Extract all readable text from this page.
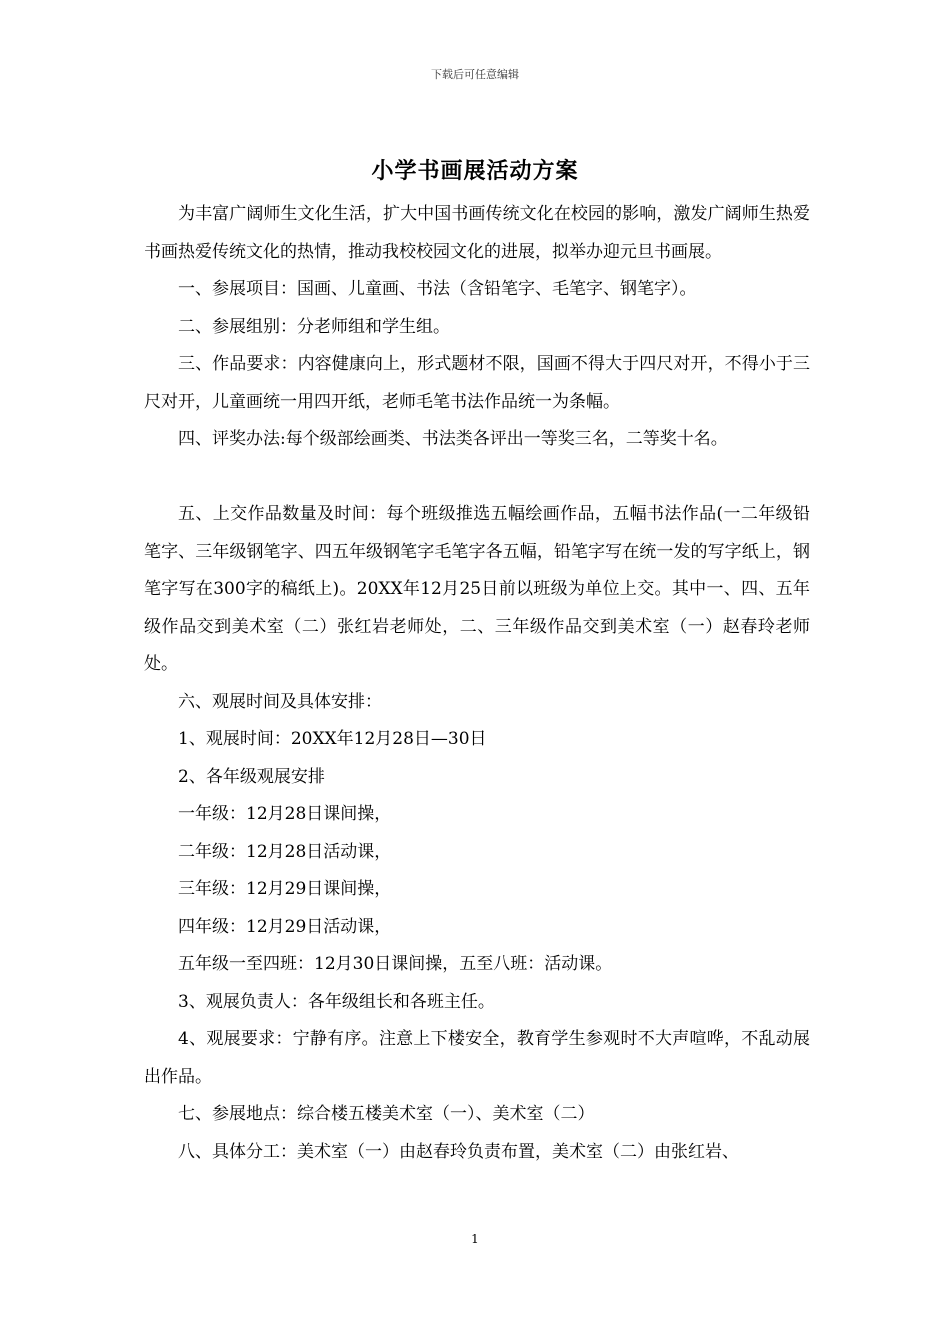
下载后可任意编辑
小学书画展活动方案

为丰富广阔师生文化生活，扩大中国书画传统文化在校园的影响，激发广阔师生热爱书画热爱传统文化的热情，推动我校校园文化的进展，拟举办迎元旦书画展。

一、参展项目：国画、儿童画、书法（含铅笔字、毛笔字、钢笔字）。

二、参展组别：分老师组和学生组。

三、作品要求：内容健康向上，形式题材不限，国画不得大于四尺对开，不得小于三尺对开，儿童画统一用四开纸，老师毛笔书法作品统一为条幅。

四、评奖办法:每个级部绘画类、书法类各评出一等奖三名，二等奖十名。

五、上交作品数量及时间：每个班级推选五幅绘画作品，五幅书法作品(一二年级铅笔字、三年级钢笔字、四五年级钢笔字毛笔字各五幅，铅笔字写在统一发的写字纸上，钢笔字写在300字的稿纸上)。20XX年12月25日前以班级为单位上交。其中一、四、五年级作品交到美术室（二）张红岩老师处，二、三年级作品交到美术室（一）赵春玲老师处。

六、观展时间及具体安排：

1、观展时间：20XX年12月28日—30日

2、各年级观展安排

一年级：12月28日课间操，

二年级：12月28日活动课，

三年级：12月29日课间操，

四年级：12月29日活动课，

五年级一至四班：12月30日课间操，五至八班：活动课。

3、观展负责人：各年级组长和各班主任。

4、观展要求：宁静有序。注意上下楼安全，教育学生参观时不大声喧哗，不乱动展出作品。

七、参展地点：综合楼五楼美术室（一）、美术室（二）

八、具体分工：美术室（一）由赵春玲负责布置，美术室（二）由张红岩、

1
